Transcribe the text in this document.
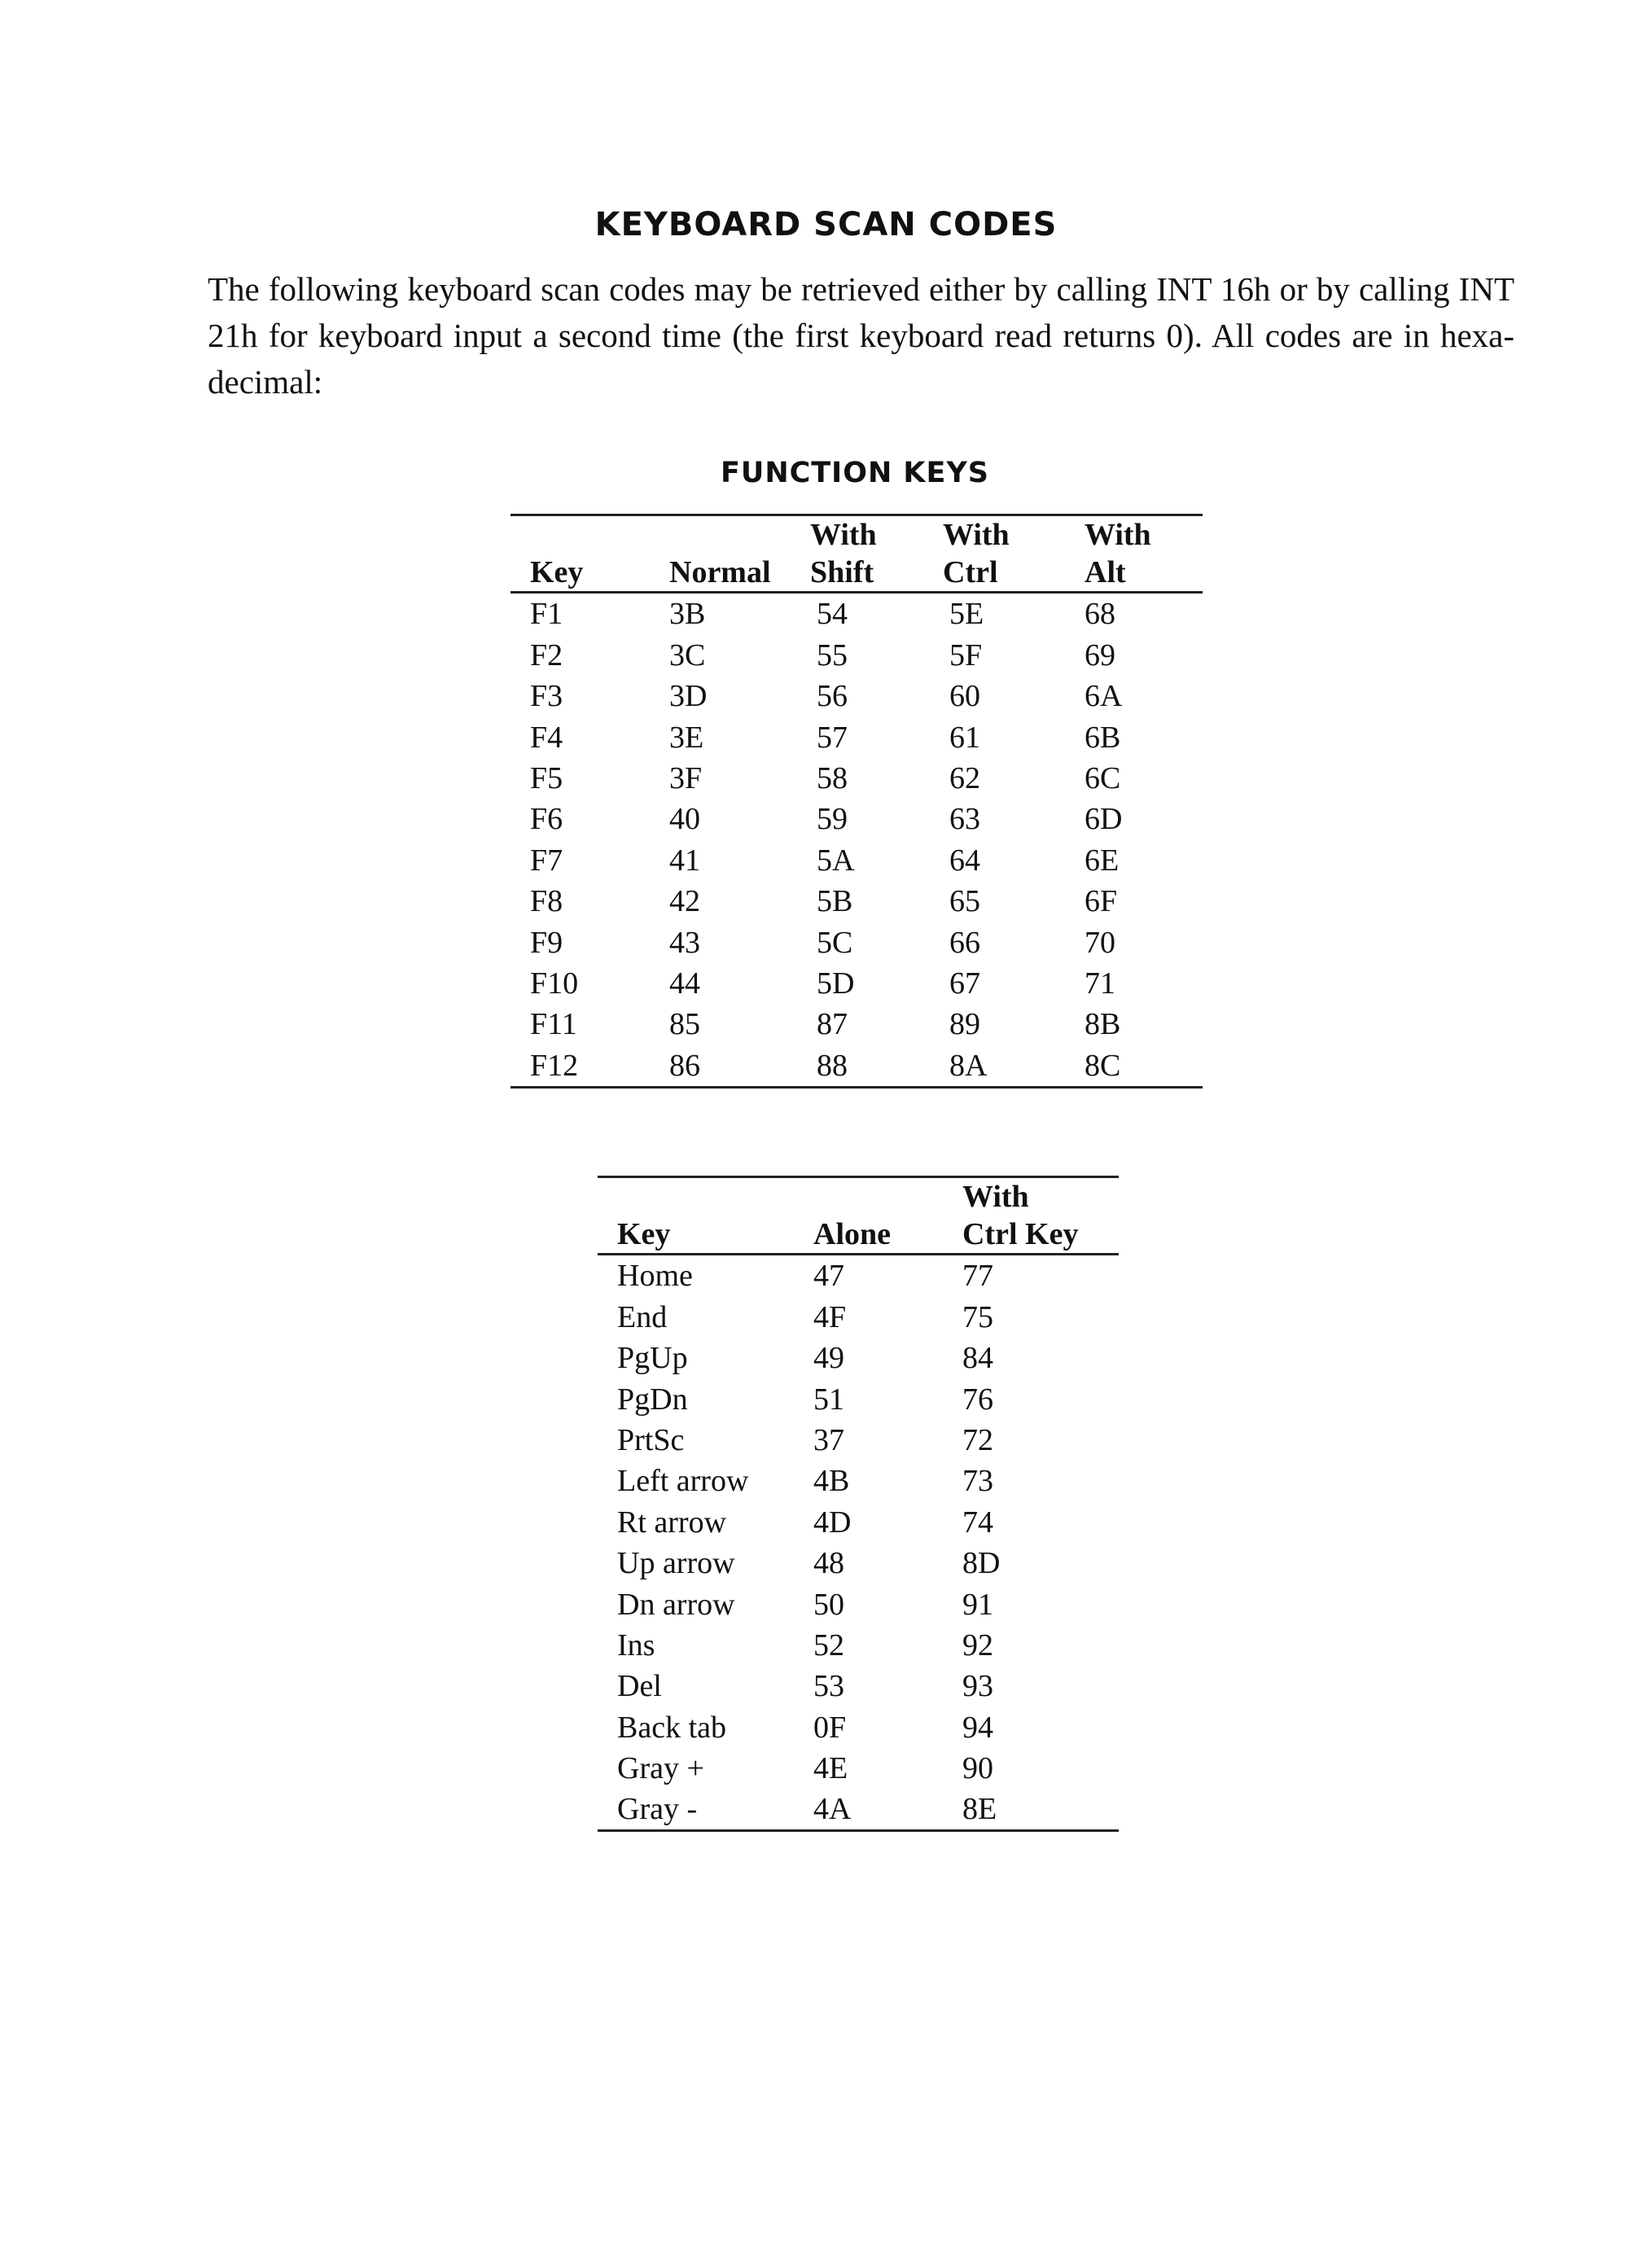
KEYBOARD SCAN CODES

The following keyboard scan codes may be retrieved either by calling INT 16h or by calling INT 21h for keyboard input a second time (the first keyboard read returns 0). All codes are in hexa-decimal:

FUNCTION KEYS
		With	With	With
Key	Normal	Shift	Ctrl	Alt
F1	3B	54	5E	68
F2	3C	55	5F	69
F3	3D	56	60	6A
F4	3E	57	61	6B
F5	3F	58	62	6C
F6	40	59	63	6D
F7	41	5A	64	6E
F8	42	5B	65	6F
F9	43	5C	66	70
F10	44	5D	67	71
F11	85	87	89	8B
F12	86	88	8A	8C
		With
Key	Alone	Ctrl Key
Home	47	77
End	4F	75
PgUp	49	84
PgDn	51	76
PrtSc	37	72
Left arrow	4B	73
Rt arrow	4D	74
Up arrow	48	8D
Dn arrow	50	91
Ins	52	92
Del	53	93
Back tab	0F	94
Gray +	4E	90
Gray -	4A	8E
